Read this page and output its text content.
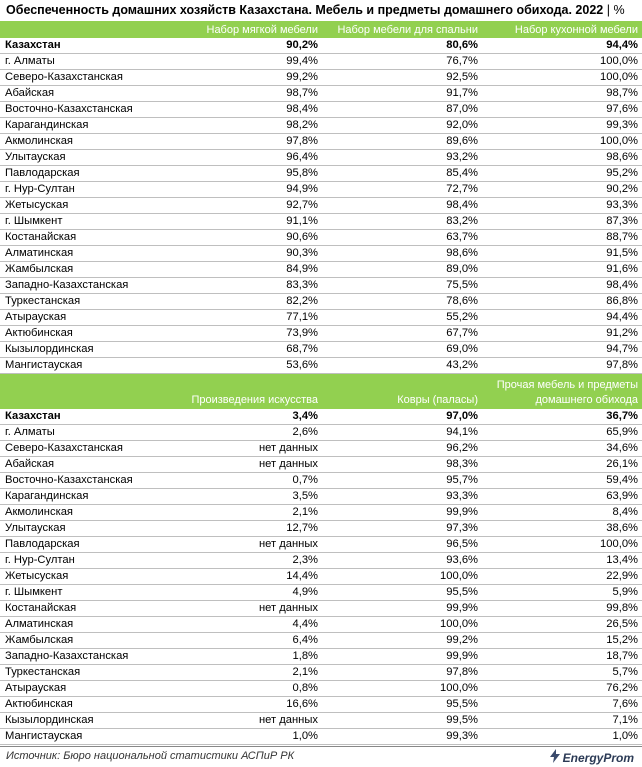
Обеспеченность домашних хозяйств Казахстана. Мебель и предметы домашнего обихода. 2022 | %
	Набор мягкой мебели	Набор мебели для спальни	Набор кухонной мебели
Казахстан	90,2%	80,6%	94,4%
г. Алматы	99,4%	76,7%	100,0%
Северо-Казахстанская	99,2%	92,5%	100,0%
Абайская	98,7%	91,7%	98,7%
Восточно-Казахстанская	98,4%	87,0%	97,6%
Карагандинская	98,2%	92,0%	99,3%
Акмолинская	97,8%	89,6%	100,0%
Улытауская	96,4%	93,2%	98,6%
Павлодарская	95,8%	85,4%	95,2%
г. Нур-Султан	94,9%	72,7%	90,2%
Жетысуская	92,7%	98,4%	93,3%
г. Шымкент	91,1%	83,2%	87,3%
Костанайская	90,6%	63,7%	88,7%
Алматинская	90,3%	98,6%	91,5%
Жамбылская	84,9%	89,0%	91,6%
Западно-Казахстанская	83,3%	75,5%	98,4%
Туркестанская	82,2%	78,6%	86,8%
Атырауская	77,1%	55,2%	94,4%
Актюбинская	73,9%	67,7%	91,2%
Кызылординская	68,7%	69,0%	94,7%
Мангистауская	53,6%	43,2%	97,8%
	Произведения искусства	Ковры (паласы)	Прочая мебель и предметы домашнего обихода
Казахстан	3,4%	97,0%	36,7%
г. Алматы	2,6%	94,1%	65,9%
Северо-Казахстанская	нет данных	96,2%	34,6%
Абайская	нет данных	98,3%	26,1%
Восточно-Казахстанская	0,7%	95,7%	59,4%
Карагандинская	3,5%	93,3%	63,9%
Акмолинская	2,1%	99,9%	8,4%
Улытауская	12,7%	97,3%	38,6%
Павлодарская	нет данных	96,5%	100,0%
г. Нур-Султан	2,3%	93,6%	13,4%
Жетысуская	14,4%	100,0%	22,9%
г. Шымкент	4,9%	95,5%	5,9%
Костанайская	нет данных	99,9%	99,8%
Алматинская	4,4%	100,0%	26,5%
Жамбылская	6,4%	99,2%	15,2%
Западно-Казахстанская	1,8%	99,9%	18,7%
Туркестанская	2,1%	97,8%	5,7%
Атырауская	0,8%	100,0%	76,2%
Актюбинская	16,6%	95,5%	7,6%
Кызылординская	нет данных	99,5%	7,1%
Мангистауская	1,0%	99,3%	1,0%
Источник: Бюро национальной статистики АСПиР РК	EnergyProm
